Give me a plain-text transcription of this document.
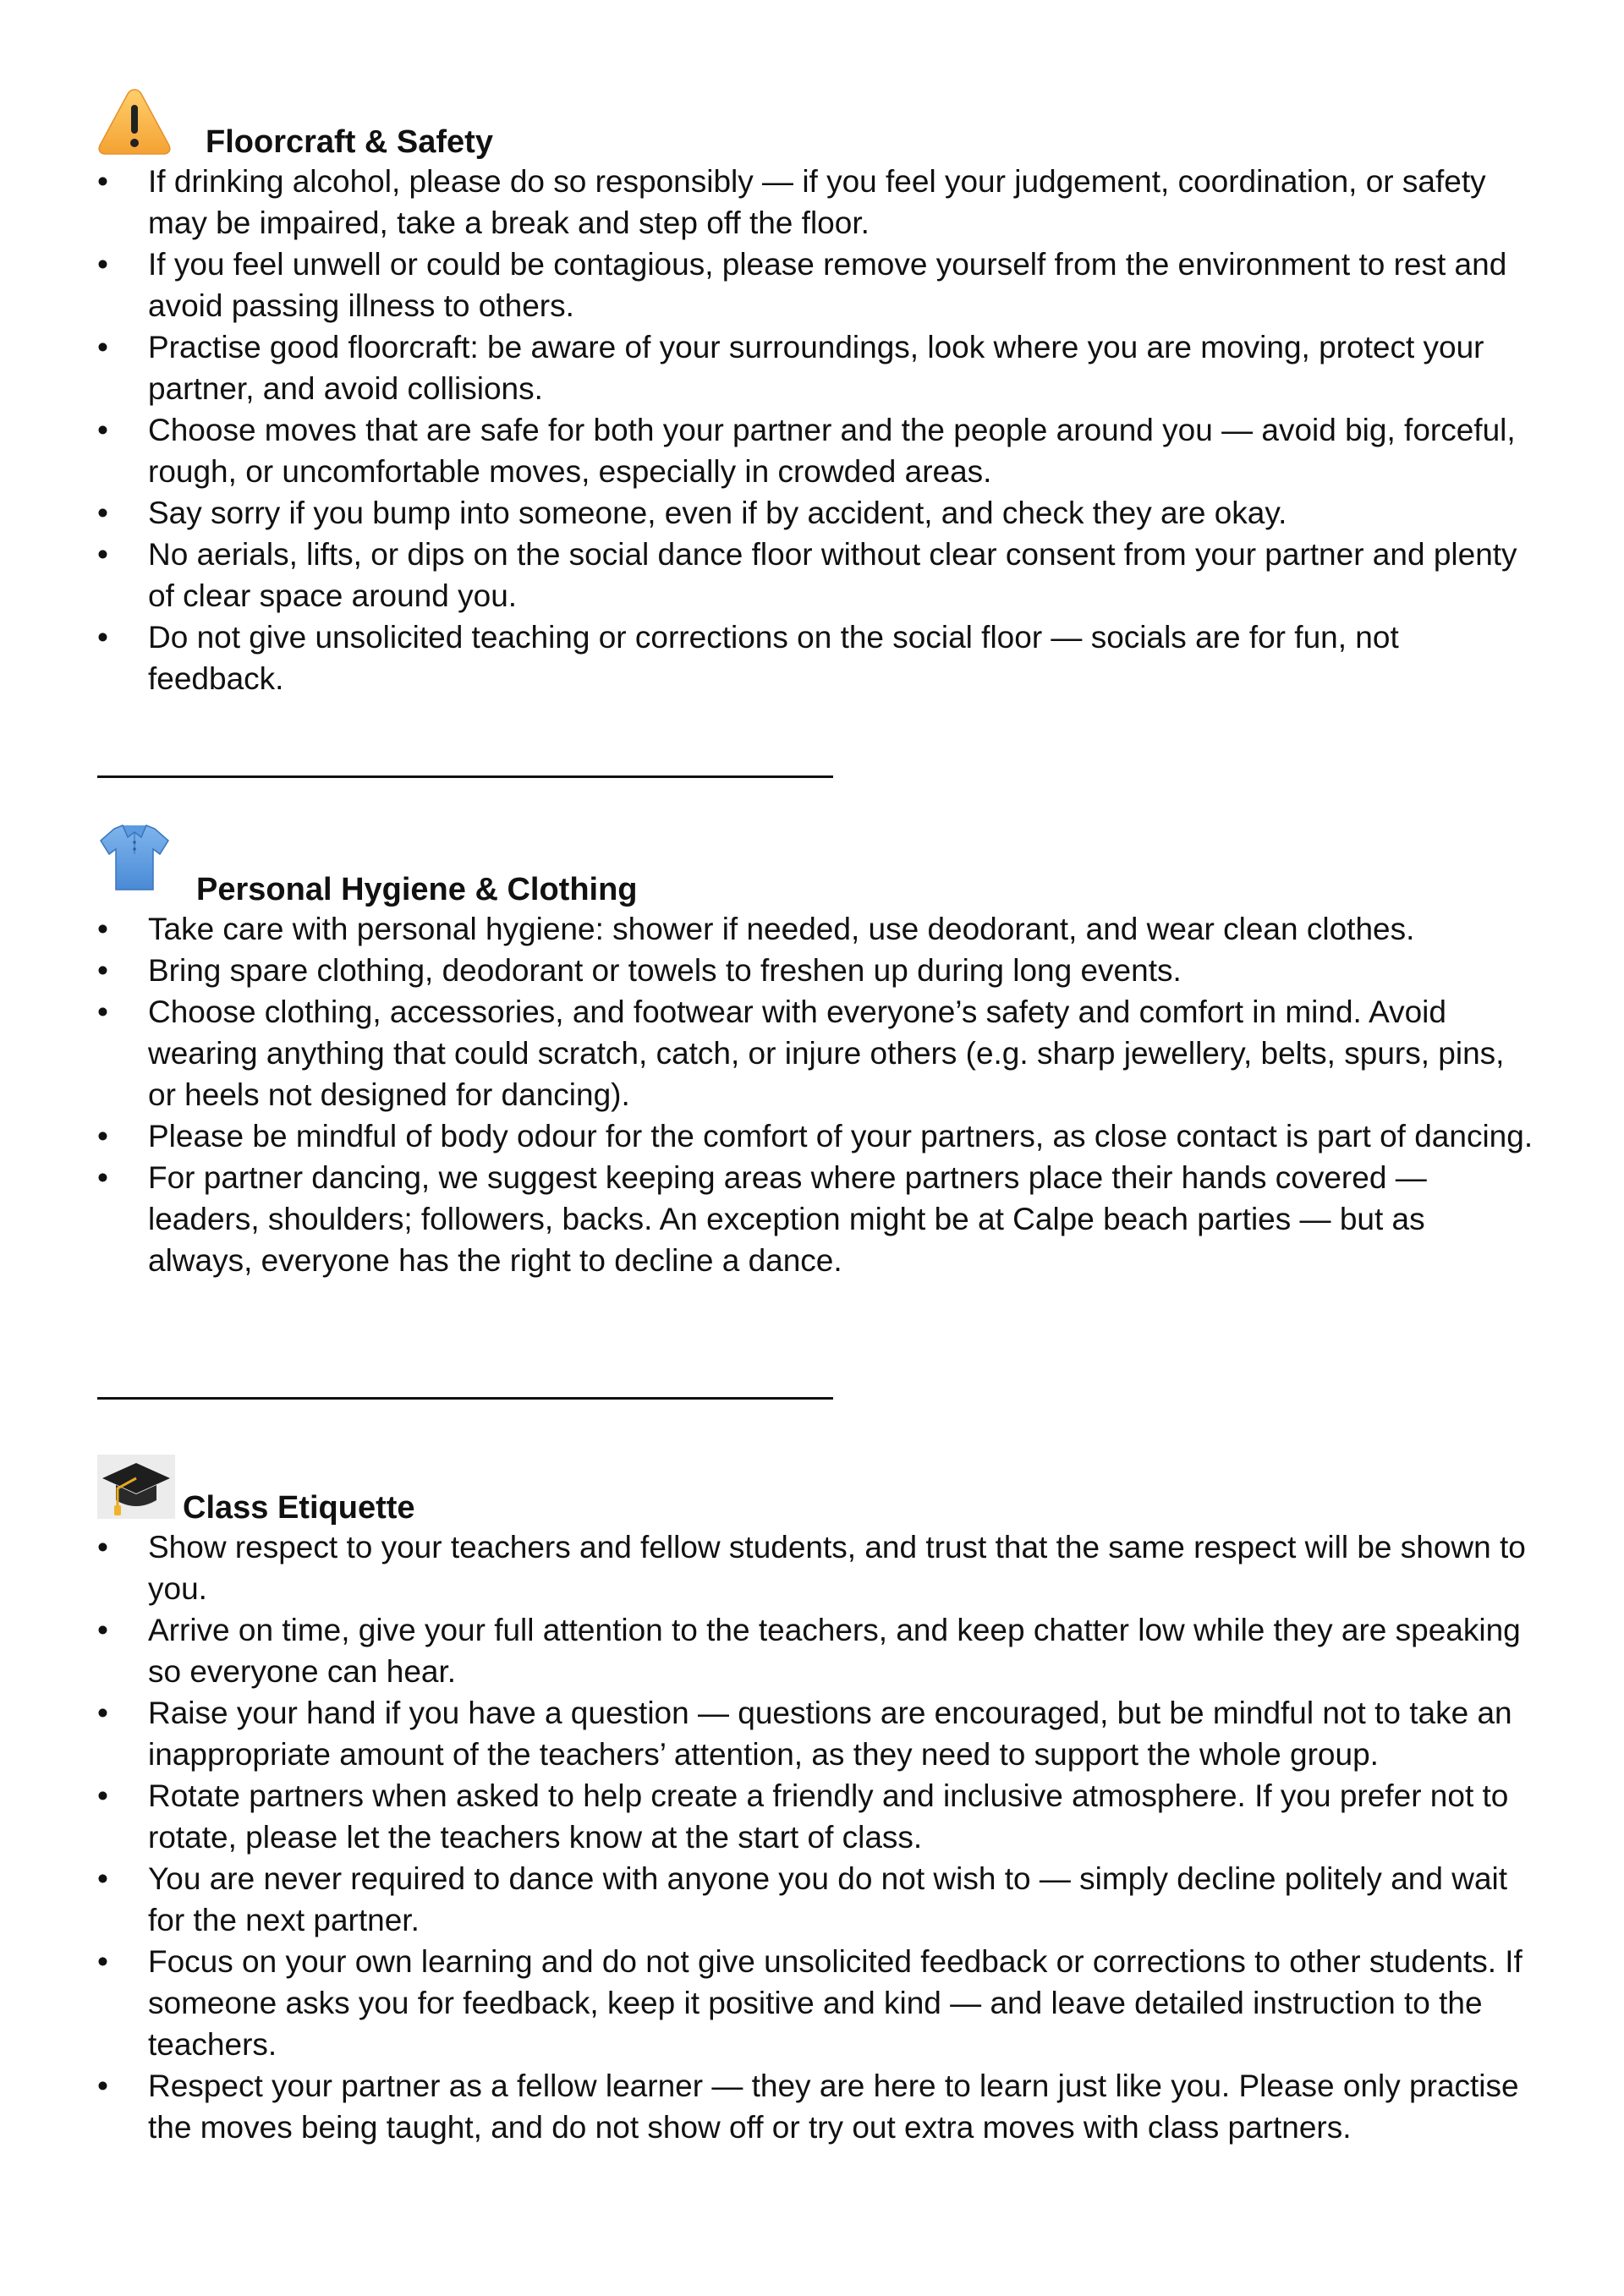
Floorcraft & Safety
•	If drinking alcohol, please do so responsibly — if you feel your judgement, coordination, or safety may be impaired, take a break and step off the floor.
•	If you feel unwell or could be contagious, please remove yourself from the environment to rest and avoid passing illness to others.
•	Practise good floorcraft: be aware of your surroundings, look where you are moving, protect your partner, and avoid collisions.
•	Choose moves that are safe for both your partner and the people around you — avoid big, forceful, rough, or uncomfortable moves, especially in crowded areas.
•	Say sorry if you bump into someone, even if by accident, and check they are okay.
•	No aerials, lifts, or dips on the social dance floor without clear consent from your partner and plenty of clear space around you.
•	Do not give unsolicited teaching or corrections on the social floor — socials are for fun, not feedback.
Personal Hygiene & Clothing
•	Take care with personal hygiene: shower if needed, use deodorant, and wear clean clothes.
•	Bring spare clothing, deodorant or towels to freshen up during long events.
•	Choose clothing, accessories, and footwear with everyone’s safety and comfort in mind. Avoid wearing anything that could scratch, catch, or injure others (e.g. sharp jewellery, belts, spurs, pins, or heels not designed for dancing).
•	Please be mindful of body odour for the comfort of your partners, as close contact is part of dancing.
•	For partner dancing, we suggest keeping areas where partners place their hands covered — leaders, shoulders; followers, backs. An exception might be at Calpe beach parties — but as always, everyone has the right to decline a dance.
Class Etiquette
•	Show respect to your teachers and fellow students, and trust that the same respect will be shown to you.
•	Arrive on time, give your full attention to the teachers, and keep chatter low while they are speaking so everyone can hear.
•	Raise your hand if you have a question — questions are encouraged, but be mindful not to take an inappropriate amount of the teachers’ attention, as they need to support the whole group.
•	Rotate partners when asked to help create a friendly and inclusive atmosphere. If you prefer not to rotate, please let the teachers know at the start of class.
•	You are never required to dance with anyone you do not wish to — simply decline politely and wait for the next partner.
•	Focus on your own learning and do not give unsolicited feedback or corrections to other students. If someone asks you for feedback, keep it positive and kind — and leave detailed instruction to the teachers.
•	Respect your partner as a fellow learner — they are here to learn just like you. Please only practise the moves being taught, and do not show off or try out extra moves with class partners.
